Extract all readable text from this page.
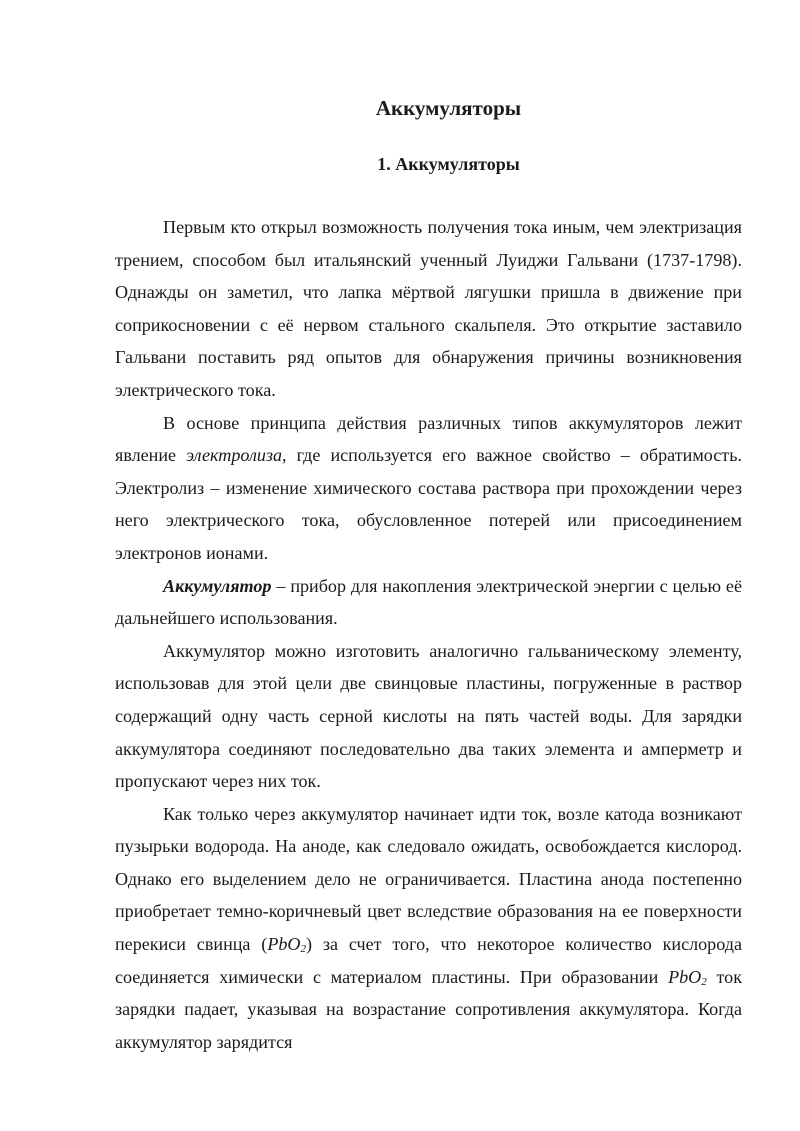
Аккумуляторы
1. Аккумуляторы

Первым кто открыл возможность получения тока иным, чем электризация трением, способом был итальянский ученный Луиджи Гальвани (1737-1798). Однажды он заметил, что лапка мёртвой лягушки пришла в движение при соприкосновении с её нервом стального скальпеля. Это открытие заставило Гальвани поставить ряд опытов для обнаружения причины возникновения электрического тока.

В основе принципа действия различных типов аккумуляторов лежит явление электролиза, где используется его важное свойство – обратимость. Электролиз – изменение химического состава раствора при прохождении через него электрического тока, обусловленное потерей или присоединением электронов ионами.

Аккумулятор – прибор для накопления электрической энергии с целью её дальнейшего использования.

Аккумулятор можно изготовить аналогично гальваническому элементу, использовав для этой цели две свинцовые пластины, погруженные в раствор содержащий одну часть серной кислоты на пять частей воды. Для зарядки аккумулятора соединяют последовательно два таких элемента и амперметр и пропускают через них ток.

Как только через аккумулятор начинает идти ток, возле катода возникают пузырьки водорода. На аноде, как следовало ожидать, освобождается кислород. Однако его выделением дело не ограничивается. Пластина анода постепенно приобретает темно-коричневый цвет вследствие образования на ее поверхности перекиси свинца (PbO$_2$) за счет того, что некоторое количество кислорода соединяется химически с материалом пластины. При образовании PbO$_2$ ток зарядки падает, указывая на возрастание сопротивления аккумулятора. Когда аккумулятор зарядится
